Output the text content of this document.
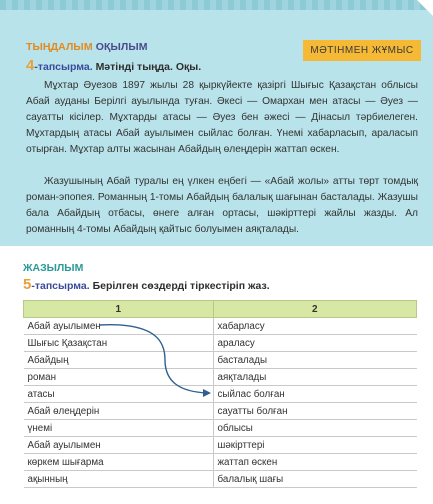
ТЫҢДАЛЫМ ОҚЫЛЫМ	МӘТІНМЕН ЖҰМЫС
4-тапсырма. Мәтінді тыңда. Оқы.

Мұхтар Әуезов 1897 жылы 28 қыркүйекте қазіргі Шығыс Қазақстан облысы Абай ауданы Берілгі ауылында туған. Әкесі — Омархан мен атасы — Әуез — сауатты кісілер. Мұхтарды атасы — Әуез бен әжесі — Дінасыл тәрбиелеген. Мұхтардың атасы Абай ауылымен сыйлас болған. Үнемі хабарласып, араласып отырған. Мұхтар алты жасынан Абайдың өлеңдерін жаттап өскен.

Жазушының Абай туралы ең үлкен еңбегі — «Абай жолы» атты төрт томдық роман-эпопея. Романның 1-томы Абайдың балалық шағынан басталады. Жазушы бала Абайдың отбасы, өнеге алған ортасы, шәкірттері жайлы жазды. Ал романның 4-томы Абайдың қайтыс болуымен аяқталады.

ЖАЗЫЛЫМ
5-тапсырма. Берілген сөздерді тіркестіріп жаз.
1	2
Абай ауылымен	хабарласу
Шығыс Қазақстан	араласу
Абайдың	басталады
роман	аяқталады
атасы	сыйлас болған
Абай өлеңдерін	сауатты болған
үнемі	облысы
Абай ауылымен	шәкірттері
көркем шығарма	жаттап өскен
ақынның	балалық шағы
